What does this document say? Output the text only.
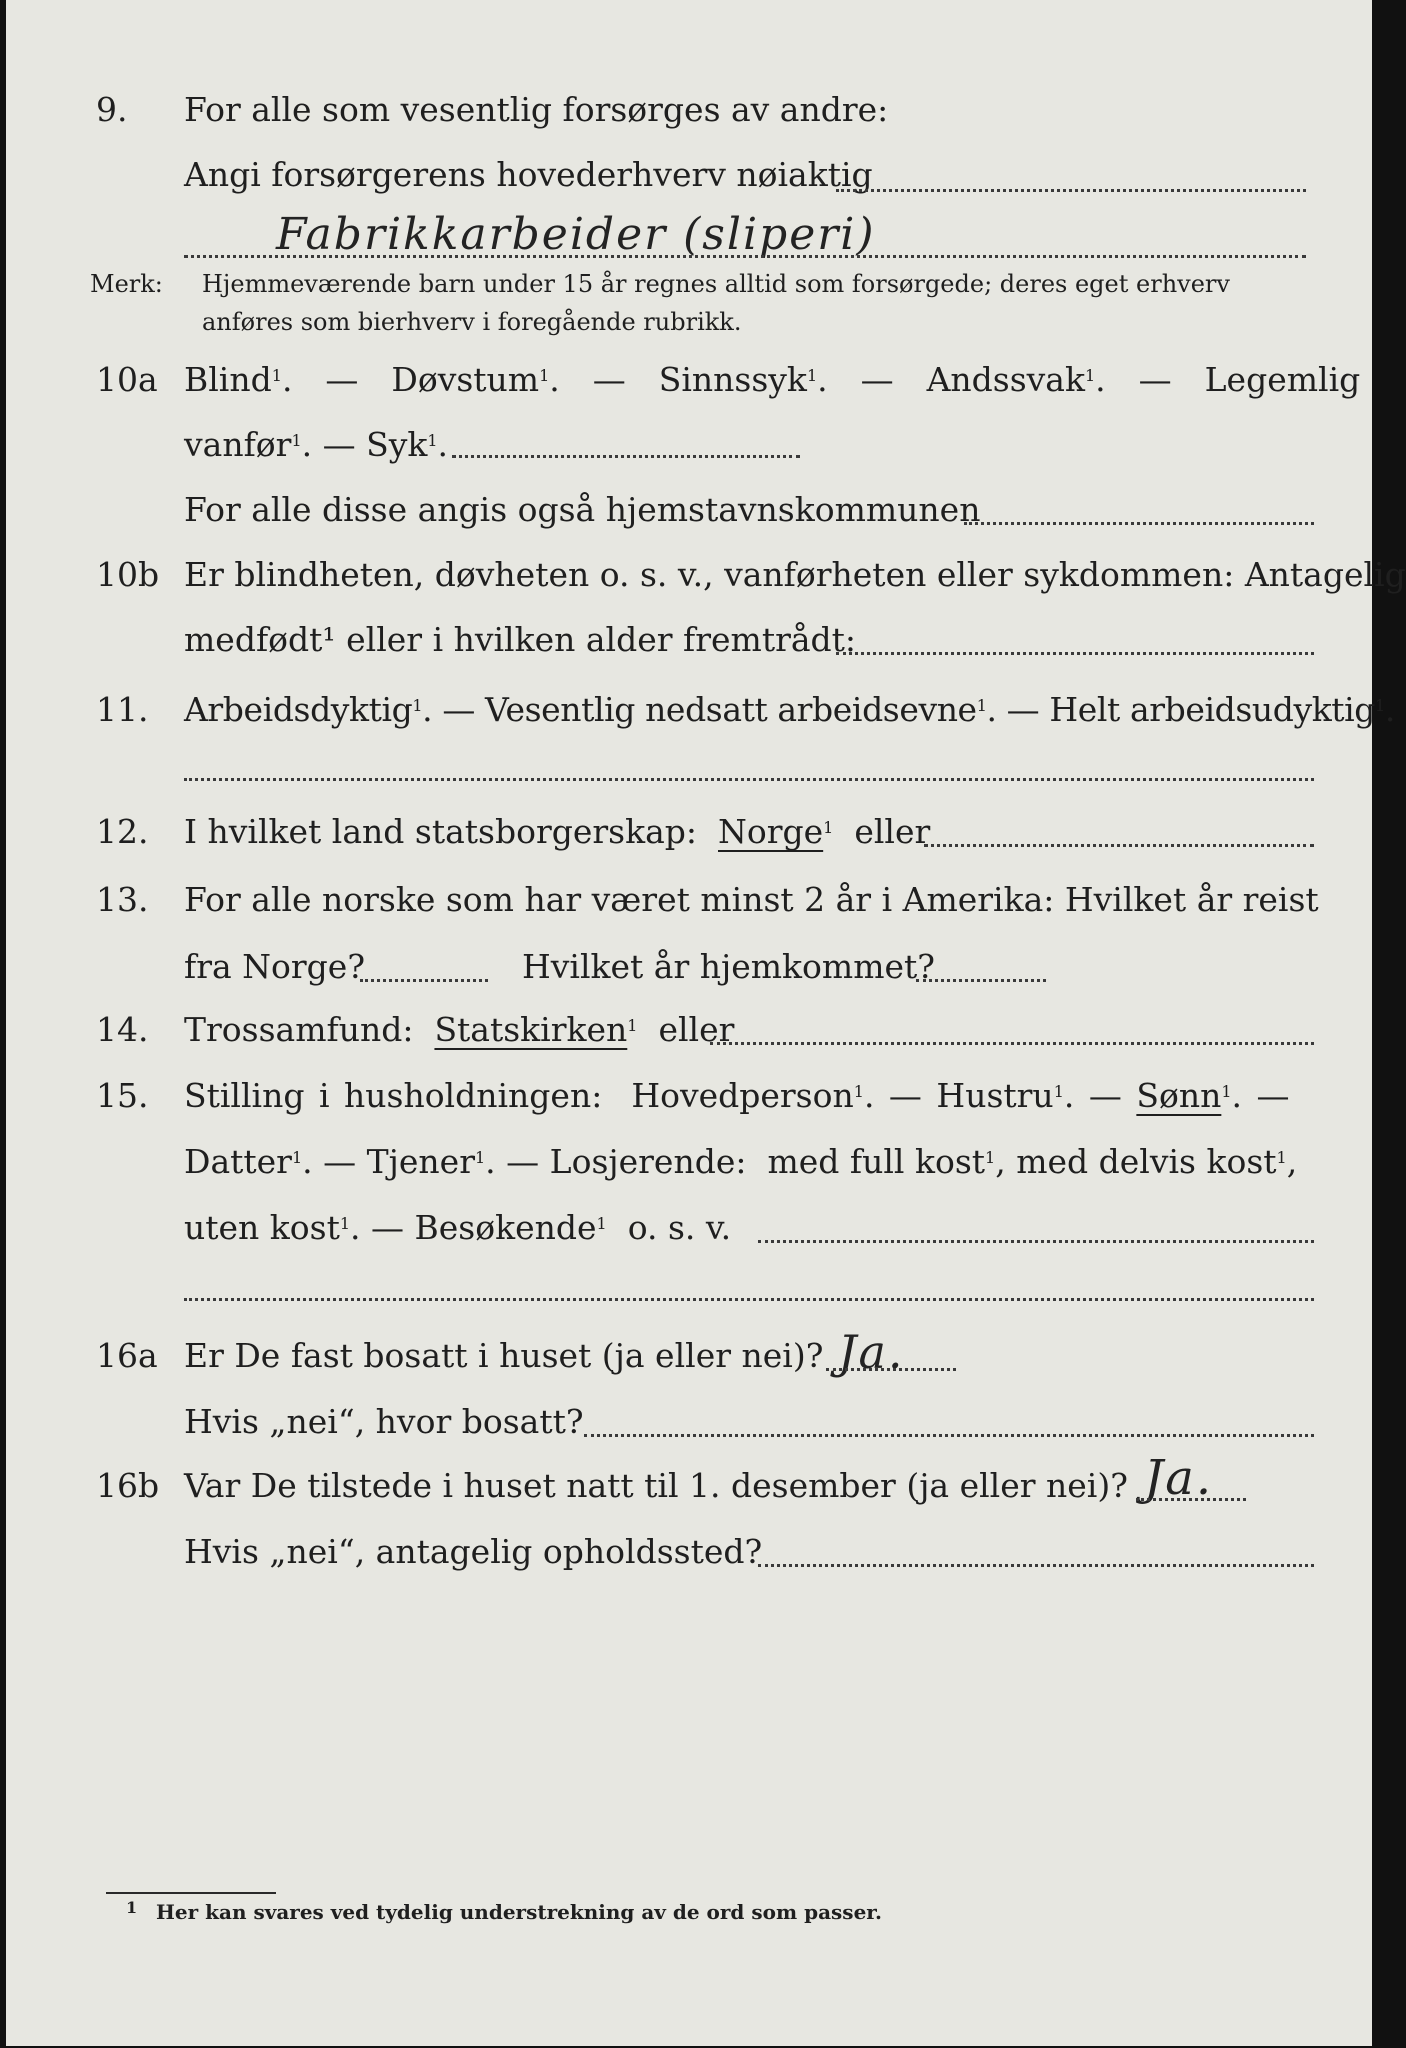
9. For alle som vesentlig forsørges av andre:
Angi forsørgerens hovederhverv nøiaktig
Fabrikkarbeider (sliperi)
Merk: Hjemmeværende barn under 15 år regnes alltid som forsørgede; deres eget erhverv
anføres som bierhverv i foregående rubrikk.
10a Blind$^1$.  —  Døvstum$^1$.  —  Sinnssyk$^1$.  —  Andssvak$^1$.  —  Legemlig
vanfør$^1$. — Syk$^1$.
For alle disse angis også hjemstavnskommunen
10b Er blindheten, døvheten o. s. v., vanførheten eller sykdommen: Antagelig
medfødt¹ eller i hvilken alder fremtrådt:
11. Arbeidsdyktig$^1$. — Vesentlig nedsatt arbeidsevne$^1$. — Helt arbeidsudyktig$^1$.
12. I hvilket land statsborgerskap: Norge$^1$ eller
13. For alle norske som har været minst 2 år i Amerika: Hvilket år reist
fra Norge?	Hvilket år hjemkommet?
14. Trossamfund: Statskirken$^1$ eller
15. Stilling i husholdningen: Hovedperson$^1$. — Hustru$^1$. — Sønn$^1$. —
Datter$^1$. — Tjener$^1$. — Losjerende: med full kost$^1$, med delvis kost$^1$,
uten kost$^1$. — Besøkende$^1$ o. s. v.
16a Er De fast bosatt i huset (ja eller nei)? Ja.
Hvis „nei“, hvor bosatt?
16b Var De tilstede i huset natt til 1. desember (ja eller nei)? Ja.
Hvis „nei“, antagelig opholdssted?
1 Her kan svares ved tydelig understrekning av de ord som passer.
